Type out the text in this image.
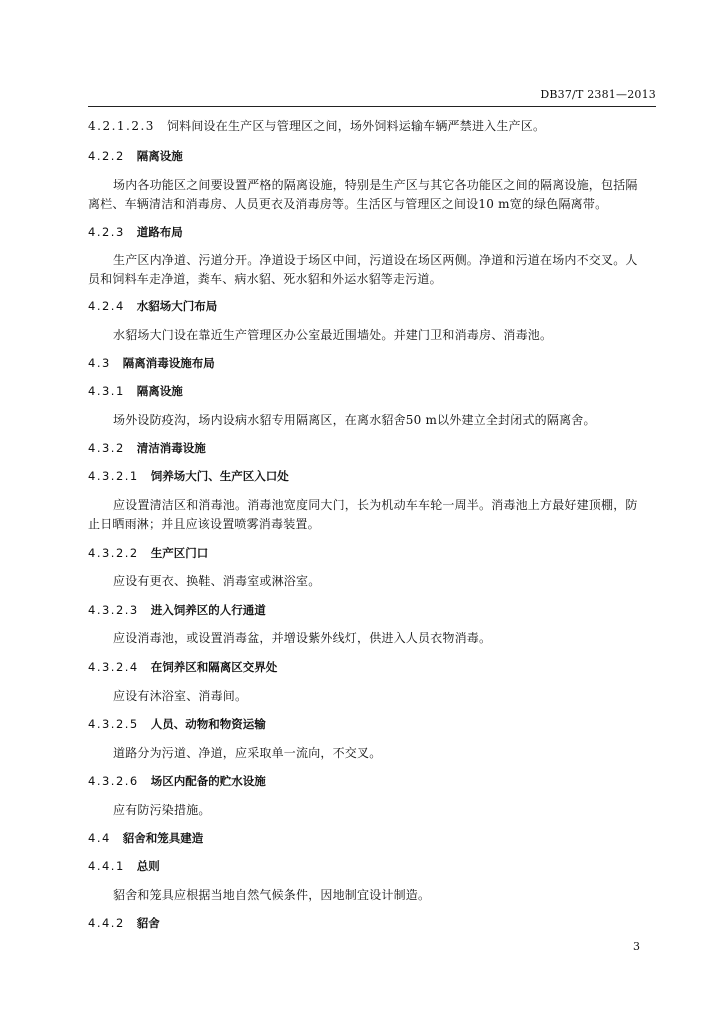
DB37/T 2381—2013
4.2.1.2.3 饲料间设在生产区与管理区之间，场外饲料运输车辆严禁进入生产区。
4.2.2 隔离设施
场内各功能区之间要设置严格的隔离设施，特别是生产区与其它各功能区之间的隔离设施，包括隔
离栏、车辆清洁和消毒房、人员更衣及消毒房等。生活区与管理区之间设10 m宽的绿色隔离带。
4.2.3 道路布局
生产区内净道、污道分开。净道设于场区中间，污道设在场区两侧。净道和污道在场内不交叉。人
员和饲料车走净道，粪车、病水貂、死水貂和外运水貂等走污道。
4.2.4 水貂场大门布局
水貂场大门设在靠近生产管理区办公室最近围墙处。并建门卫和消毒房、消毒池。
4.3 隔离消毒设施布局
4.3.1 隔离设施
场外设防疫沟，场内设病水貂专用隔离区，在离水貂舍50 m以外建立全封闭式的隔离舍。
4.3.2 清洁消毒设施
4.3.2.1 饲养场大门、生产区入口处
应设置清洁区和消毒池。消毒池宽度同大门，长为机动车车轮一周半。消毒池上方最好建顶棚，防
止日晒雨淋；并且应该设置喷雾消毒装置。
4.3.2.2 生产区门口
应设有更衣、换鞋、消毒室或淋浴室。
4.3.2.3 进入饲养区的人行通道
应设消毒池，或设置消毒盆，并增设紫外线灯，供进入人员衣物消毒。
4.3.2.4 在饲养区和隔离区交界处
应设有沐浴室、消毒间。
4.3.2.5 人员、动物和物资运输
道路分为污道、净道，应采取单一流向，不交叉。
4.3.2.6 场区内配备的贮水设施
应有防污染措施。
4.4 貂舍和笼具建造
4.4.1 总则
貂舍和笼具应根据当地自然气候条件，因地制宜设计制造。
4.4.2 貂舍
3
